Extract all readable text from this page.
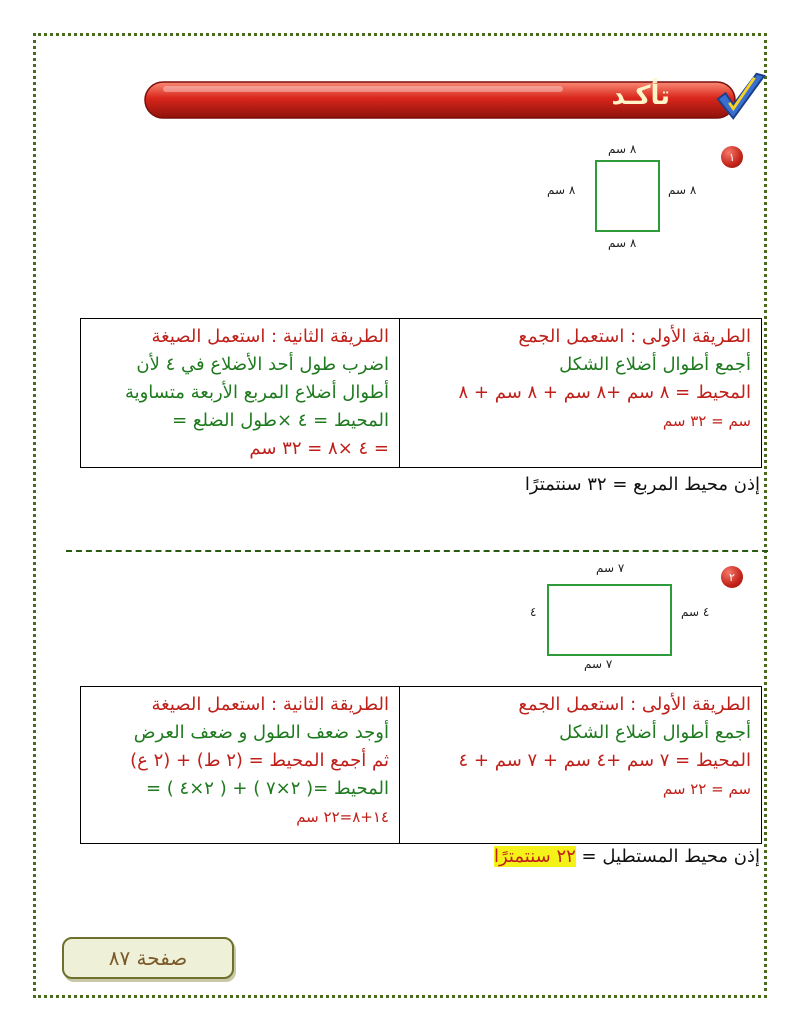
تأكـد
١
٨ سم
٨ سم	٨ سم
٨ سم
الطريقة الأولى : استعمل الجمع
أجمع أطوال أضلاع الشكل
المحيط = ٨ سم +٨ سم + ٨ سم + ٨
سم = ٣٢ سم

الطريقة الثانية : استعمل الصيغة
اضرب طول أحد الأضلاع في ٤ لأن
أطوال أضلاع المربع الأربعة متساوية
المحيط = ٤ ×طول الضلع =
= ٤ ×٨ = ٣٢ سم
إذن محيط المربع = ٣٢ سنتمترًا
٢
٧ سم
٤	٤ سم
٧ سم
الطريقة الأولى : استعمل الجمع
أجمع أطوال أضلاع الشكل
المحيط = ٧ سم +٤ سم + ٧ سم + ٤
سم = ٢٢ سم

الطريقة الثانية : استعمل الصيغة
أوجد ضعف الطول و ضعف العرض
ثم أجمع المحيط = (٢ ط) + (٢ ع)
المحيط =( ٢×٧ ) + ( ٢×٤ ) =
١٤+٨=٢٢ سم
إذن محيط المستطيل = ٢٢ سنتمترًا
صفحة ٨٧
